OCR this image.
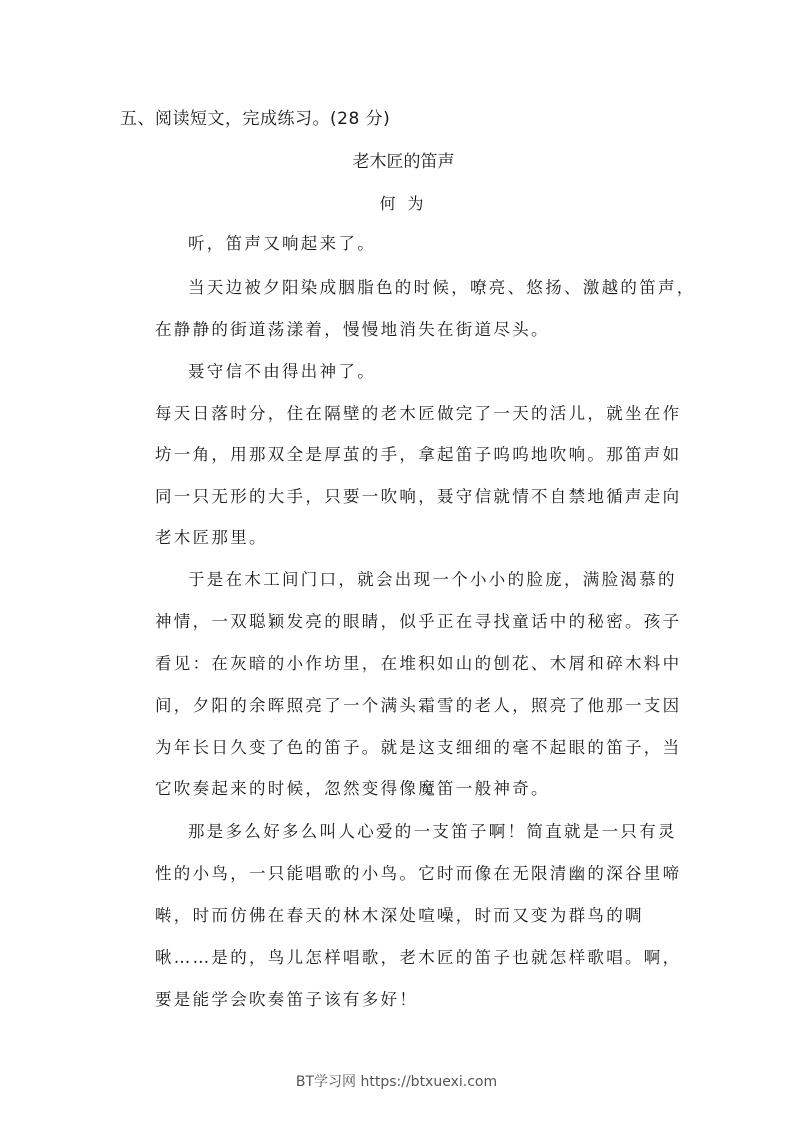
五、阅读短文，完成练习。(28 分)
老木匠的笛声
何为
听，笛声又响起来了。
当天边被夕阳染成胭脂色的时候，嘹亮、悠扬、激越的笛声，
在静静的街道荡漾着，慢慢地消失在街道尽头。
聂守信不由得出神了。
每天日落时分，住在隔壁的老木匠做完了一天的活儿，就坐在作
坊一角，用那双全是厚茧的手，拿起笛子呜呜地吹响。那笛声如
同一只无形的大手，只要一吹响，聂守信就情不自禁地循声走向
老木匠那里。
于是在木工间门口，就会出现一个小小的脸庞，满脸渴慕的
神情，一双聪颖发亮的眼睛，似乎正在寻找童话中的秘密。孩子
看见：在灰暗的小作坊里，在堆积如山的刨花、木屑和碎木料中
间，夕阳的余晖照亮了一个满头霜雪的老人，照亮了他那一支因
为年长日久变了色的笛子。就是这支细细的毫不起眼的笛子，当
它吹奏起来的时候，忽然变得像魔笛一般神奇。
那是多么好多么叫人心爱的一支笛子啊！简直就是一只有灵
性的小鸟，一只能唱歌的小鸟。它时而像在无限清幽的深谷里啼
啭，时而仿佛在春天的林木深处喧噪，时而又变为群鸟的啁
啾……是的，鸟儿怎样唱歌，老木匠的笛子也就怎样歌唱。啊，
要是能学会吹奏笛子该有多好！
BT学习网 https://btxuexi.com
